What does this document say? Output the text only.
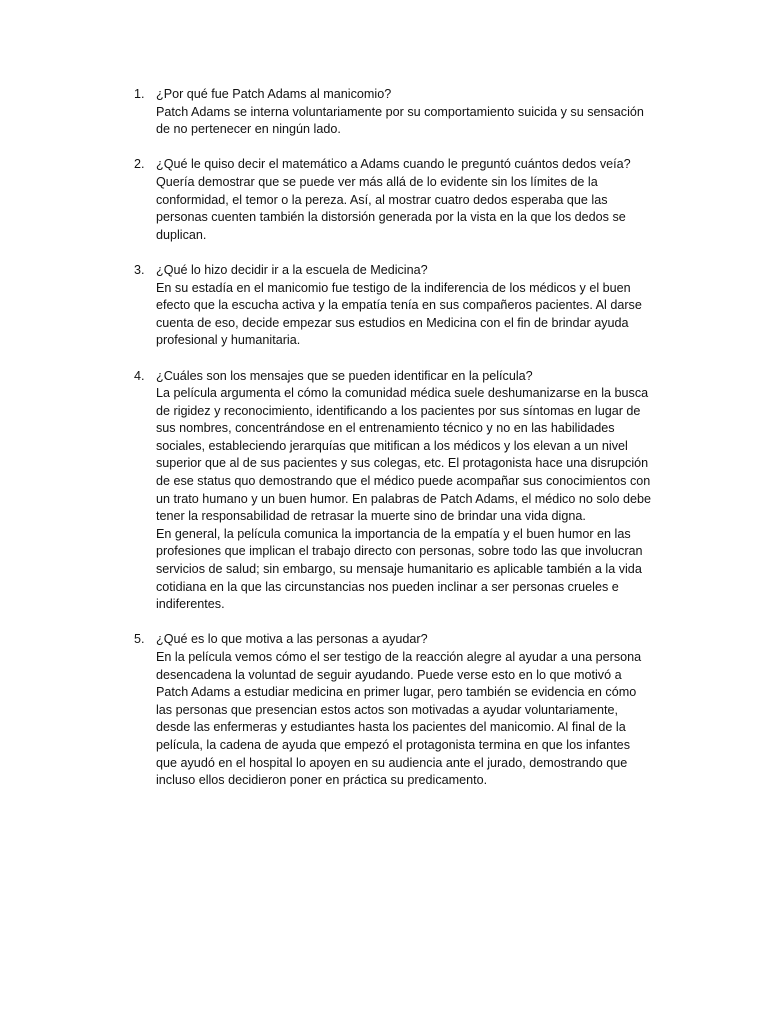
1. ¿Por qué fue Patch Adams al manicomio?
Patch Adams se interna voluntariamente por su comportamiento suicida y su sensación de no pertenecer en ningún lado.
2. ¿Qué le quiso decir el matemático a Adams cuando le preguntó cuántos dedos veía?
Quería demostrar que se puede ver más allá de lo evidente sin los límites de la conformidad, el temor o la pereza. Así, al mostrar cuatro dedos esperaba que las personas cuenten también la distorsión generada por la vista en la que los dedos se duplican.
3. ¿Qué lo hizo decidir ir a la escuela de Medicina?
En su estadía en el manicomio fue testigo de la indiferencia de los médicos y el buen efecto que la escucha activa y la empatía tenía en sus compañeros pacientes. Al darse cuenta de eso, decide empezar sus estudios en Medicina con el fin de brindar ayuda profesional y humanitaria.
4. ¿Cuáles son los mensajes que se pueden identificar en la película?
La película argumenta el cómo la comunidad médica suele deshumanizarse en la busca de rigidez y reconocimiento, identificando a los pacientes por sus síntomas en lugar de sus nombres, concentrándose en el entrenamiento técnico y no en las habilidades sociales, estableciendo jerarquías que mitifican a los médicos y los elevan a un nivel superior que al de sus pacientes y sus colegas, etc. El protagonista hace una disrupción de ese status quo demostrando que el médico puede acompañar sus conocimientos con un trato humano y un buen humor. En palabras de Patch Adams, el médico no solo debe tener la responsabilidad de retrasar la muerte sino de brindar una vida digna.
En general, la película comunica la importancia de la empatía y el buen humor en las profesiones que implican el trabajo directo con personas, sobre todo las que involucran servicios de salud; sin embargo, su mensaje humanitario es aplicable también a la vida cotidiana en la que las circunstancias nos pueden inclinar a ser personas crueles e indiferentes.
5. ¿Qué es lo que motiva a las personas a ayudar?
En la película vemos cómo el ser testigo de la reacción alegre al ayudar a una persona desencadena la voluntad de seguir ayudando. Puede verse esto en lo que motivó a Patch Adams a estudiar medicina en primer lugar, pero también se evidencia en cómo las personas que presencian estos actos son motivadas a ayudar voluntariamente, desde las enfermeras y estudiantes hasta los pacientes del manicomio. Al final de la película, la cadena de ayuda que empezó el protagonista termina en que los infantes que ayudó en el hospital lo apoyen en su audiencia ante el jurado, demostrando que incluso ellos decidieron poner en práctica su predicamento.
